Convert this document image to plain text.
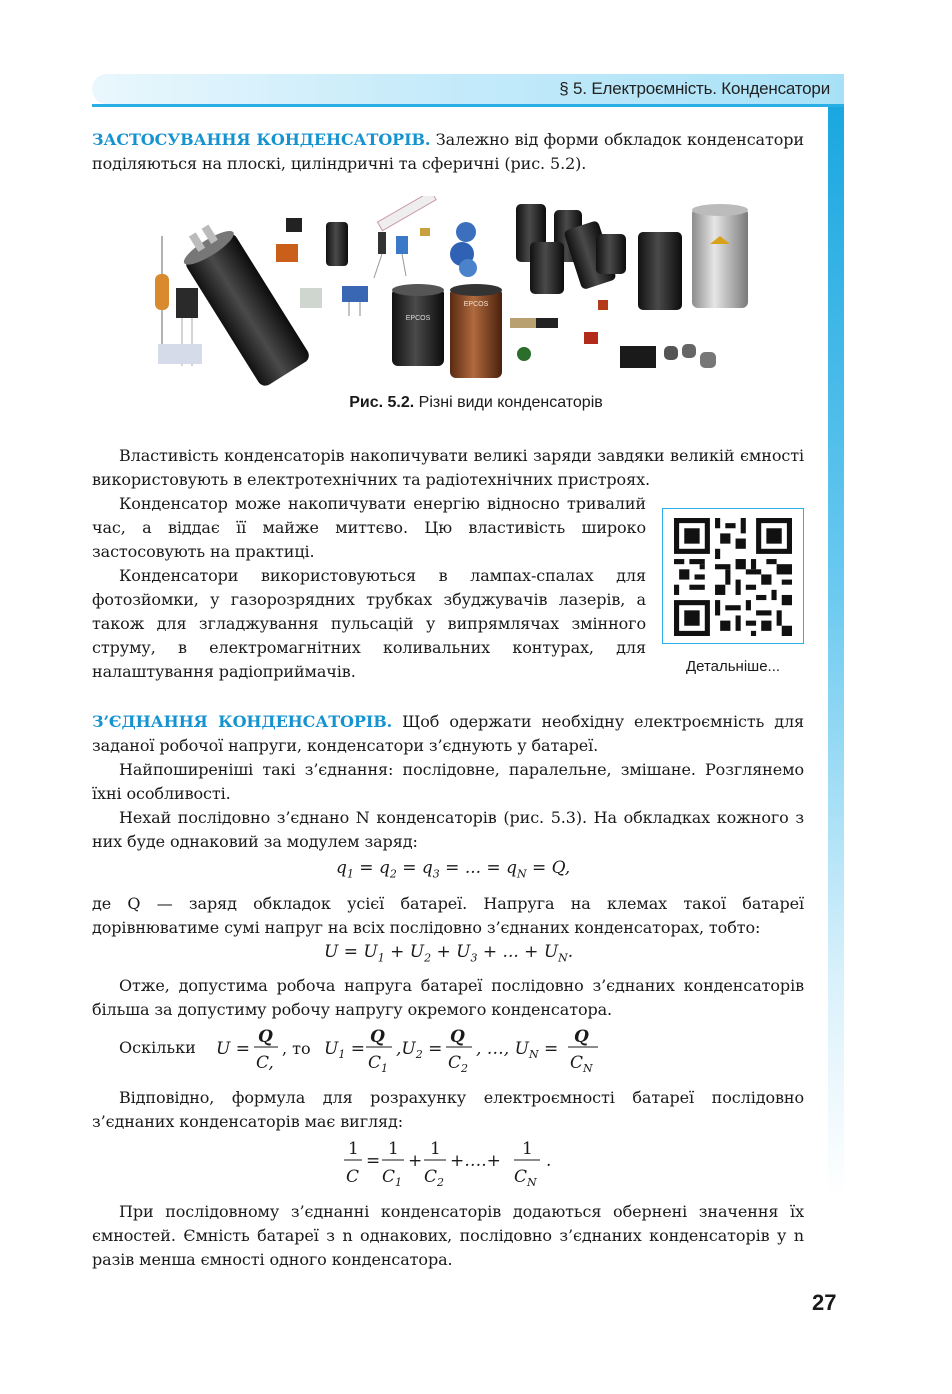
§ 5. Електроємність. Конденсатори
ЗАСТОСУВАННЯ КОНДЕНСАТОРІВ. Залежно від форми обкладок конденсатори поділяються на плоскі, циліндричні та сферичні (рис. 5.2).
EPCOS
EPCOS
Рис. 5.2. Різні види конденсаторів
Властивість конденсаторів накопичувати великі заряди завдяки великій ємності використовують в електротехнічних та радіотехнічних пристроях.
Конденсатор може накопичувати енергію відносно тривалий час, а віддає її майже миттєво. Цю властивість широко застосовують на практиці.
Конденсатори використовуються в лампах-спалах для фотозйомки, у газорозрядних трубках збуджувачів лазерів, а також для згладжування пульсацій у випрямлячах змінного струму, в електромагнітних коливальних контурах, для налаштування радіоприймачів.	Детальніше...
З’ЄДНАННЯ КОНДЕНСАТОРІВ. Щоб одержати необхідну електроємність для заданої робочої напруги, конденсатори з’єднують у батареї.
Найпоширеніші такі з’єднання: послідовне, паралельне, змішане. Розглянемо їхні особливості.
Нехай послідовно з’єднано N конденсаторів (рис. 5.3). На обкладках кожного з них буде однаковий за модулем заряд:
$q_1 = q_2 = q_3$ = ... = $q_N = Q$,
де Q — заряд обкладок усієї батареї. Напруга на клемах такої батареї дорівнюватиме сумі напруг на всіх послідовно з’єднаних конденсаторах, тобто:
$U = U_1 + U_2 + U_3$ + ... + $U_N$.
Отже, допустима робоча напруга батареї послідовно з’єднаних конденсаторів більша за допустиму робочу напругу окремого конденсатора.
Оскільки U =
Q
C,
, то $U_1$ =
Q
$C_1$
$,U_2$ =
Q
$C_2$
, …, $U_N$ =
Q
$C_N$
Відповідно, формула для розрахунку електроємності батареї послідовно з’єднаних конденсаторів має вигляд:
1
C
=
1
$C_1$
+
1
$C_2$
+….+
1
$C_N$
.
При послідовному з’єднанні конденсаторів додаються обернені значення їх ємностей. Ємність батареї з n однакових, послідовно з’єднаних конденсаторів у n разів менша ємності одного конденсатора.
27
